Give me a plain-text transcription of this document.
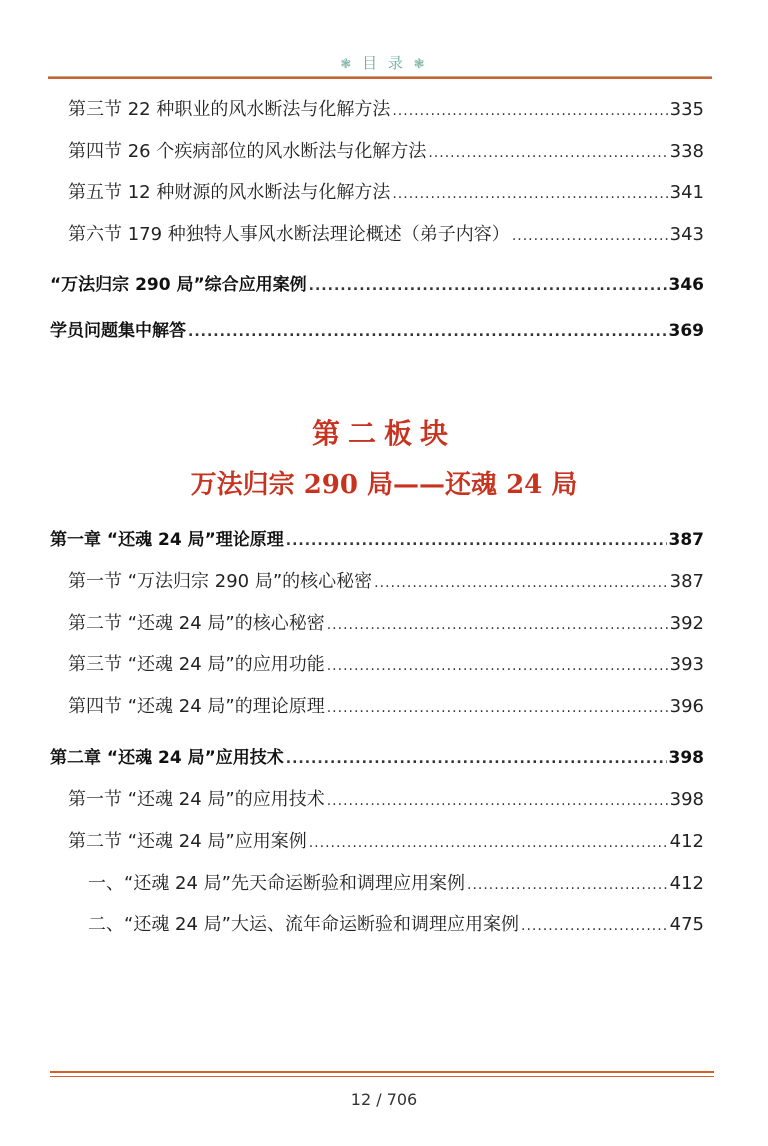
❃ 目 录 ❃
第三节 22 种职业的风水断法与化解方法 .....	335
第四节 26 个疾病部位的风水断法与化解方法 .....	338
第五节 12 种财源的风水断法与化解方法 .....	341
第六节 179 种独特人事风水断法理论概述（弟子内容） .....	343
“万法归宗 290 局”综合应用案例 .....	346
学员问题集中解答 .....	369
第二板块
万法归宗 290 局——还魂 24 局
第一章 “还魂 24 局”理论原理 .....	387
第一节 “万法归宗 290 局”的核心秘密 .....	387
第二节 “还魂 24 局”的核心秘密 .....	392
第三节 “还魂 24 局”的应用功能 .....	393
第四节 “还魂 24 局”的理论原理 .....	396
第二章 “还魂 24 局”应用技术 .....	398
第一节 “还魂 24 局”的应用技术 .....	398
第二节 “还魂 24 局”应用案例 .....	412
一、“还魂 24 局”先天命运断验和调理应用案例 .....	412
二、“还魂 24 局”大运、流年命运断验和调理应用案例 .....	475
12 / 706
